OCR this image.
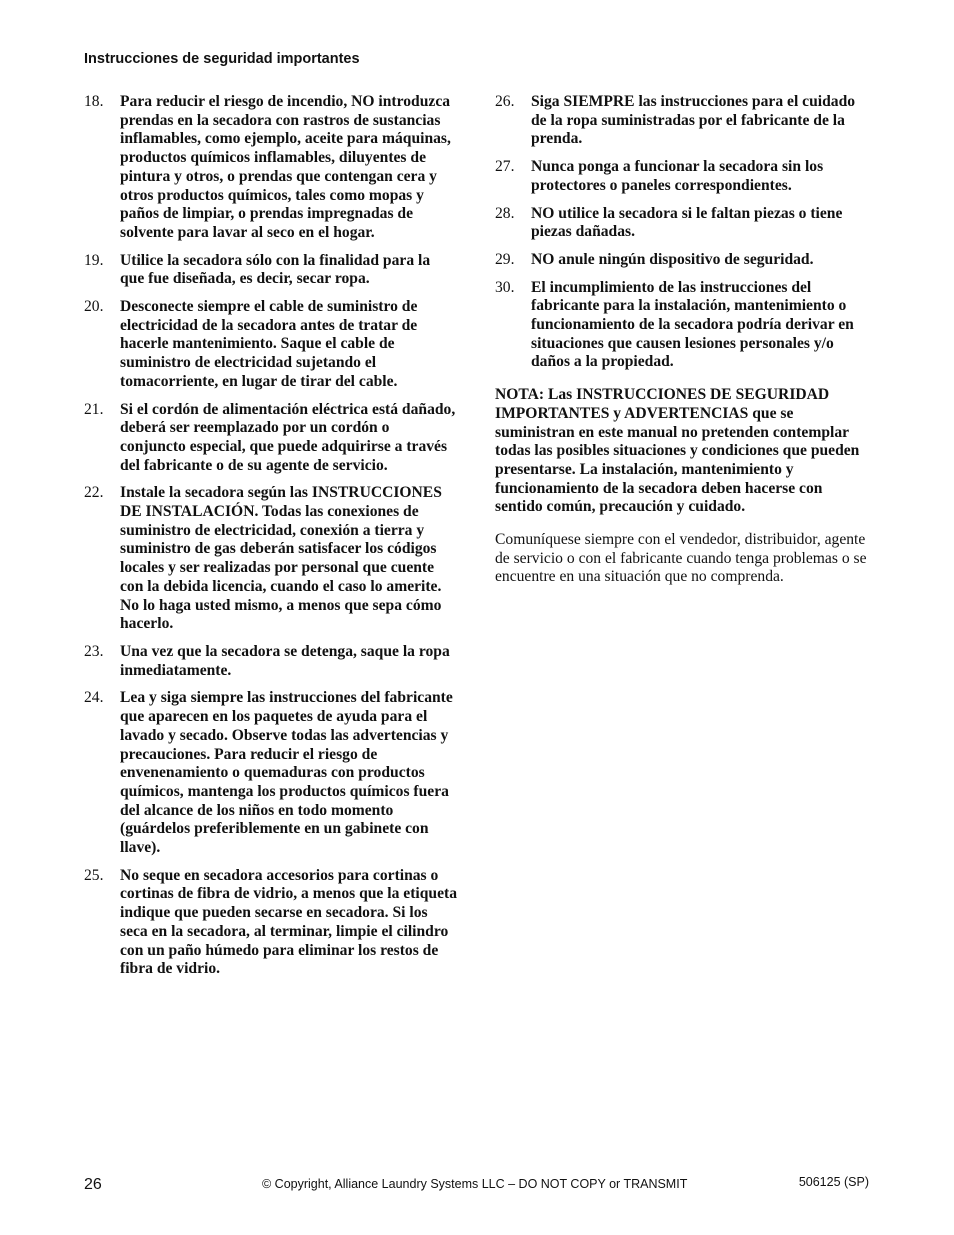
Instrucciones de seguridad importantes
18.	Para reducir el riesgo de incendio, NO introduzca prendas en la secadora con rastros de sustancias inflamables, como ejemplo, aceite para máquinas, productos químicos inflamables, diluyentes de pintura y otros, o prendas que contengan cera y otros productos químicos, tales como mopas y paños de limpiar, o prendas impregnadas de solvente para lavar al seco en el hogar.
19.	Utilice la secadora sólo con la finalidad para la que fue diseñada, es decir, secar ropa.
20.	Desconecte siempre el cable de suministro de electricidad de la secadora antes de tratar de hacerle mantenimiento. Saque el cable de suministro de electricidad sujetando el tomacorriente, en lugar de tirar del cable.
21.	Si el cordón de alimentación eléctrica está dañado, deberá ser reemplazado por un cordón o conjuncto especial, que puede adquirirse a través del fabricante o de su agente de servicio.
22.	Instale la secadora según las INSTRUCCIONES DE INSTALACIÓN. Todas las conexiones de suministro de electricidad, conexión a tierra y suministro de gas deberán satisfacer los códigos locales y ser realizadas por personal que cuente con la debida licencia, cuando el caso lo amerite. No lo haga usted mismo, a menos que sepa cómo hacerlo.
23.	Una vez que la secadora se detenga, saque la ropa inmediatamente.
24.	Lea y siga siempre las instrucciones del fabricante que aparecen en los paquetes de ayuda para el lavado y secado. Observe todas las advertencias y precauciones. Para reducir el riesgo de envenenamiento o quemaduras con productos químicos, mantenga los productos químicos fuera del alcance de los niños en todo momento (guárdelos preferiblemente en un gabinete con llave).
25.	No seque en secadora accesorios para cortinas o cortinas de fibra de vidrio, a menos que la etiqueta indique que pueden secarse en secadora. Si los seca en la secadora, al terminar, limpie el cilindro con un paño húmedo para eliminar los restos de fibra de vidrio.
26.	Siga SIEMPRE las instrucciones para el cuidado de la ropa suministradas por el fabricante de la prenda.
27.	Nunca ponga a funcionar la secadora sin los protectores o paneles correspondientes.
28.	NO utilice la secadora si le faltan piezas o tiene piezas dañadas.
29.	NO anule ningún dispositivo de seguridad.
30.	El incumplimiento de las instrucciones del fabricante para la instalación, mantenimiento o funcionamiento de la secadora podría derivar en situaciones que causen lesiones personales y/o daños a la propiedad.

NOTA: Las INSTRUCCIONES DE SEGURIDAD IMPORTANTES y ADVERTENCIAS que se suministran en este manual no pretenden contemplar todas las posibles situaciones y condiciones que pueden presentarse. La instalación, mantenimiento y funcionamiento de la secadora deben hacerse con sentido común, precaución y cuidado.

Comuníquese siempre con el vendedor, distribuidor, agente de servicio o con el fabricante cuando tenga problemas o se encuentre en una situación que no comprenda.

26	© Copyright, Alliance Laundry Systems LLC – DO NOT COPY or TRANSMIT	506125 (SP)
